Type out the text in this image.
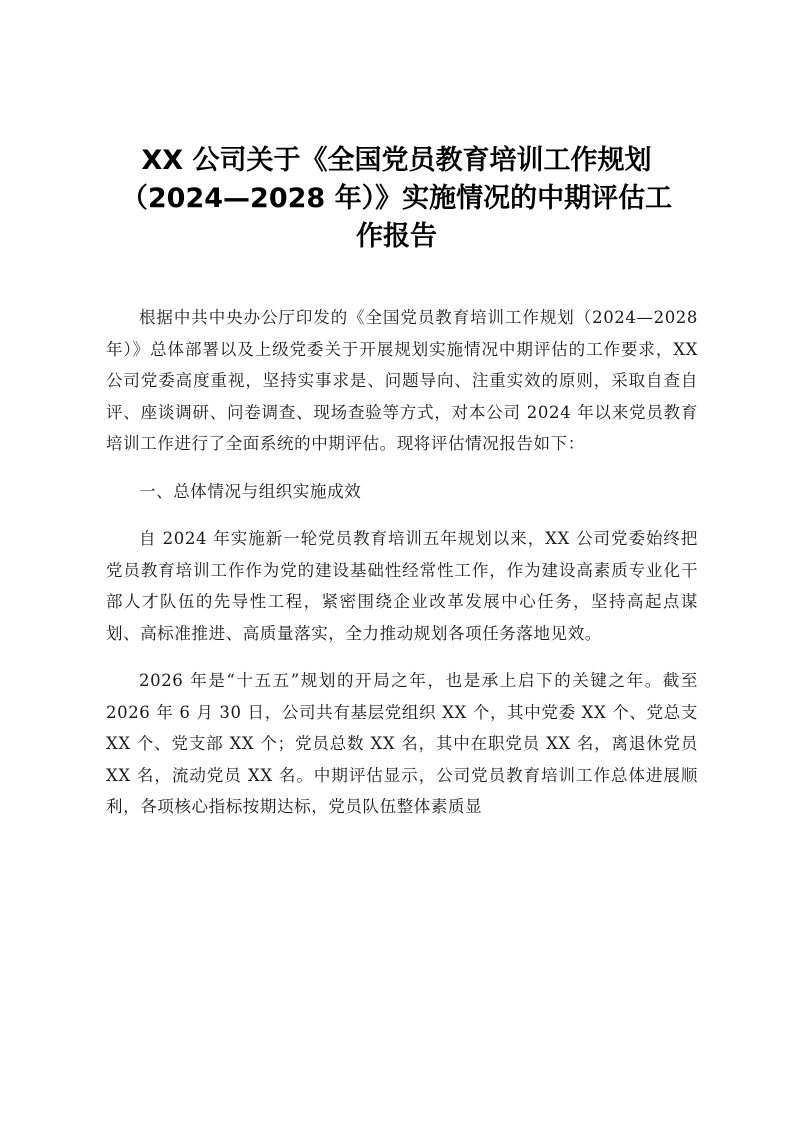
XX 公司关于《全国党员教育培训工作规划（2024—2028 年）》实施情况的中期评估工作报告

根据中共中央办公厅印发的《全国党员教育培训工作规划（2024—2028 年）》总体部署以及上级党委关于开展规划实施情况中期评估的工作要求，XX 公司党委高度重视，坚持实事求是、问题导向、注重实效的原则，采取自查自评、座谈调研、问卷调查、现场查验等方式，对本公司 2024 年以来党员教育培训工作进行了全面系统的中期评估。现将评估情况报告如下：

一、总体情况与组织实施成效

自 2024 年实施新一轮党员教育培训五年规划以来，XX 公司党委始终把党员教育培训工作作为党的建设基础性经常性工作，作为建设高素质专业化干部人才队伍的先导性工程，紧密围绕企业改革发展中心任务，坚持高起点谋划、高标准推进、高质量落实，全力推动规划各项任务落地见效。

2026 年是“十五五”规划的开局之年，也是承上启下的关键之年。截至 2026 年 6 月 30 日，公司共有基层党组织 XX 个，其中党委 XX 个、党总支 XX 个、党支部 XX 个；党员总数 XX 名，其中在职党员 XX 名，离退休党员 XX 名，流动党员 XX 名。中期评估显示，公司党员教育培训工作总体进展顺利，各项核心指标按期达标，党员队伍整体素质显
